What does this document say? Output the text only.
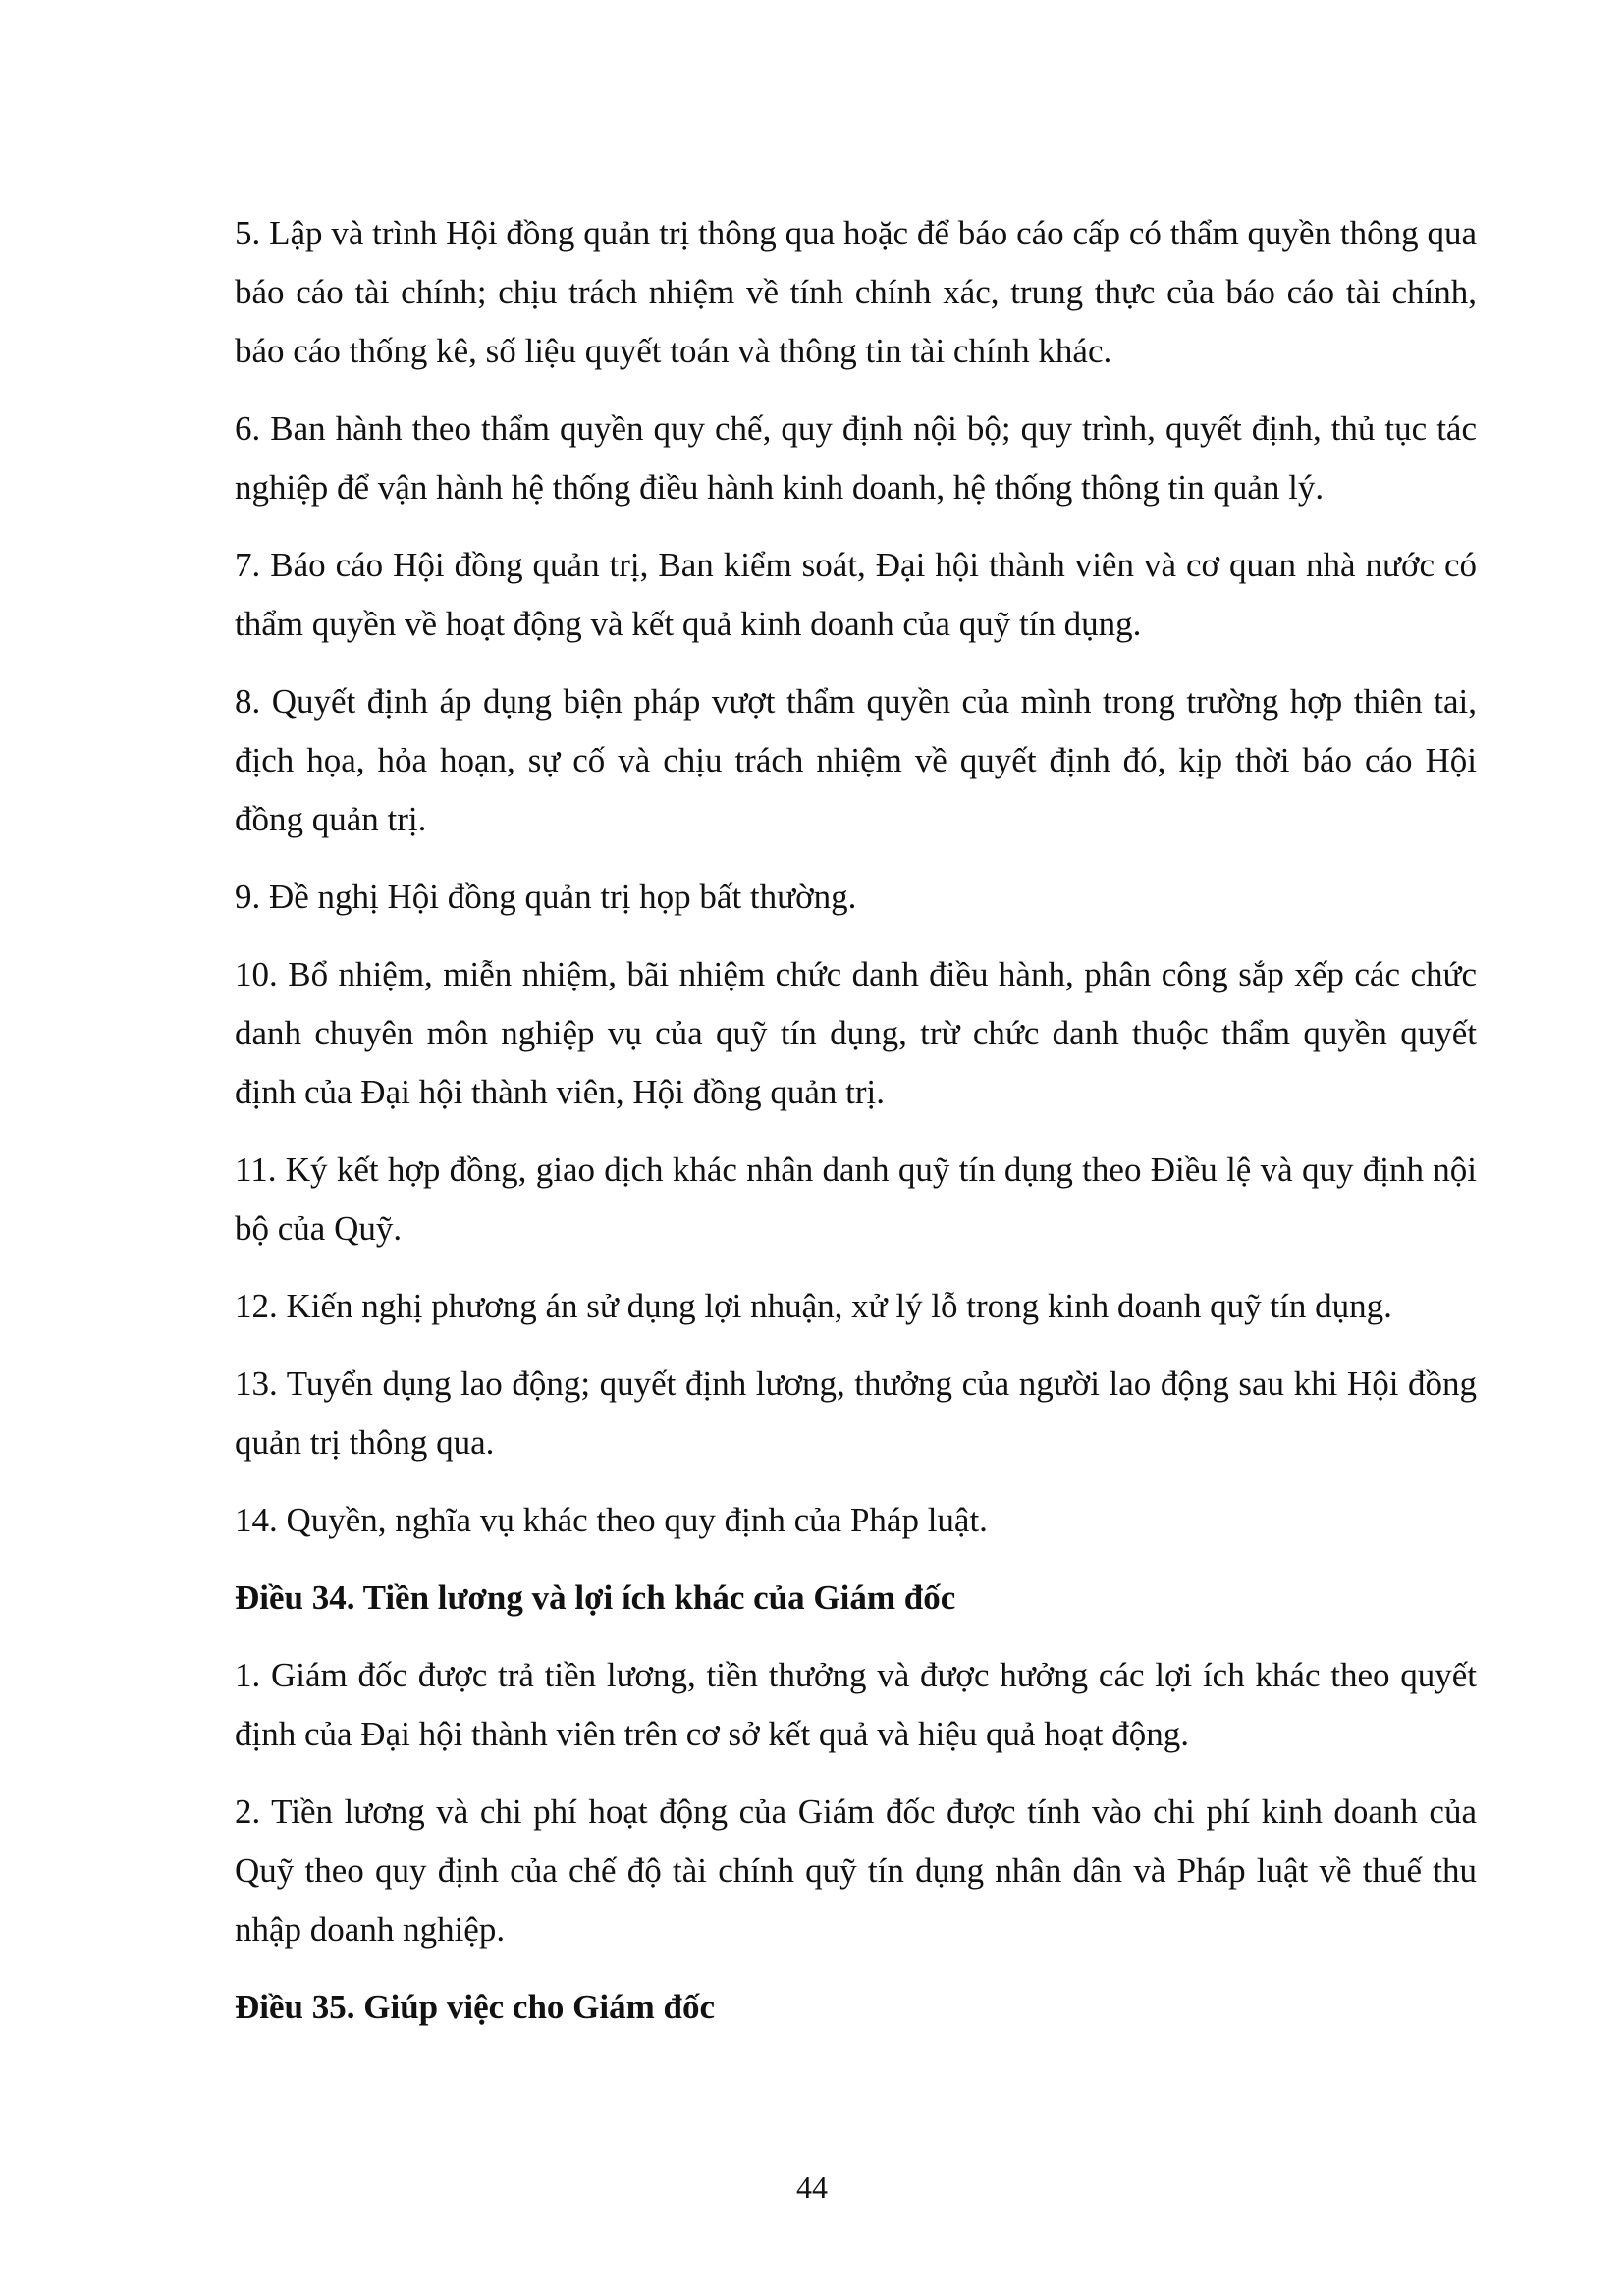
5. Lập và trình Hội đồng quản trị thông qua hoặc để báo cáo cấp có thẩm quyền thông qua báo cáo tài chính; chịu trách nhiệm về tính chính xác, trung thực của báo cáo tài chính, báo cáo thống kê, số liệu quyết toán và thông tin tài chính khác.

6. Ban hành theo thẩm quyền quy chế, quy định nội bộ; quy trình, quyết định, thủ tục tác nghiệp để vận hành hệ thống điều hành kinh doanh, hệ thống thông tin quản lý.

7. Báo cáo Hội đồng quản trị, Ban kiểm soát, Đại hội thành viên và cơ quan nhà nước có thẩm quyền về hoạt động và kết quả kinh doanh của quỹ tín dụng.

8. Quyết định áp dụng biện pháp vượt thẩm quyền của mình trong trường hợp thiên tai, địch họa, hỏa hoạn, sự cố và chịu trách nhiệm về quyết định đó, kịp thời báo cáo Hội đồng quản trị.

9. Đề nghị Hội đồng quản trị họp bất thường.

10. Bổ nhiệm, miễn nhiệm, bãi nhiệm chức danh điều hành, phân công sắp xếp các chức danh chuyên môn nghiệp vụ của quỹ tín dụng, trừ chức danh thuộc thẩm quyền quyết định của Đại hội thành viên, Hội đồng quản trị.

11. Ký kết hợp đồng, giao dịch khác nhân danh quỹ tín dụng theo Điều lệ và quy định nội bộ của Quỹ.

12. Kiến nghị phương án sử dụng lợi nhuận, xử lý lỗ trong kinh doanh quỹ tín dụng.

13. Tuyển dụng lao động; quyết định lương, thưởng của người lao động sau khi Hội đồng quản trị thông qua.

14. Quyền, nghĩa vụ khác theo quy định của Pháp luật.

Điều 34. Tiền lương và lợi ích khác của Giám đốc

1. Giám đốc được trả tiền lương, tiền thưởng và được hưởng các lợi ích khác theo quyết định của Đại hội thành viên trên cơ sở kết quả và hiệu quả hoạt động.

2. Tiền lương và chi phí hoạt động của Giám đốc được tính vào chi phí kinh doanh của Quỹ theo quy định của chế độ tài chính quỹ tín dụng nhân dân và Pháp luật về thuế thu nhập doanh nghiệp.

Điều 35. Giúp việc cho Giám đốc
44
